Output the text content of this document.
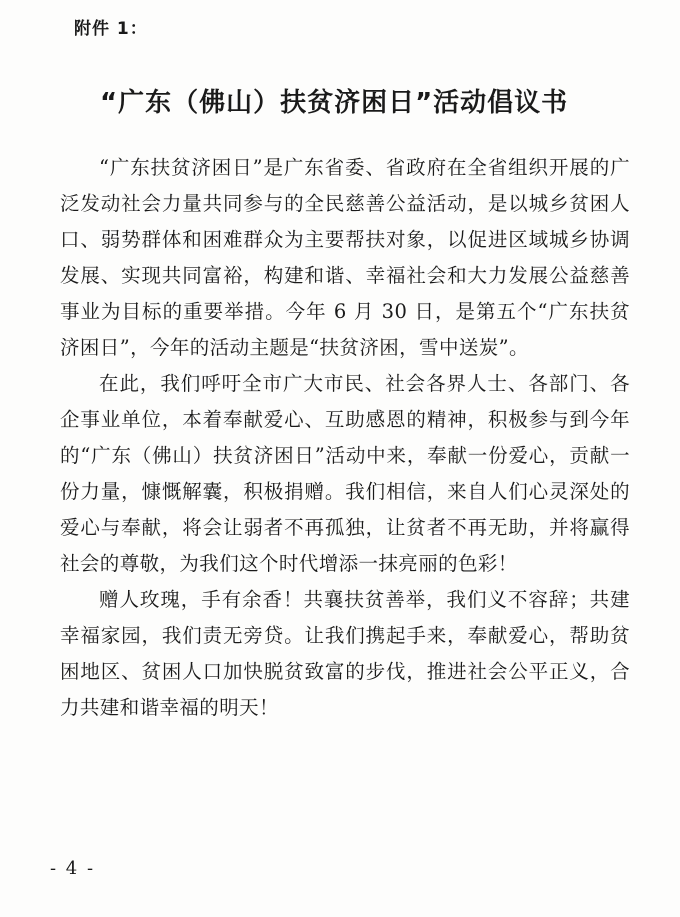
附件 1：
“广东（佛山）扶贫济困日”活动倡议书

“广东扶贫济困日”是广东省委、省政府在全省组织开展的广泛发动社会力量共同参与的全民慈善公益活动，是以城乡贫困人口、弱势群体和困难群众为主要帮扶对象，以促进区域城乡协调发展、实现共同富裕，构建和谐、幸福社会和大力发展公益慈善事业为目标的重要举措。今年 6 月 30 日，是第五个“广东扶贫济困日”，今年的活动主题是“扶贫济困，雪中送炭”。

在此，我们呼吁全市广大市民、社会各界人士、各部门、各企事业单位，本着奉献爱心、互助感恩的精神，积极参与到今年的“广东（佛山）扶贫济困日”活动中来，奉献一份爱心，贡献一份力量，慷慨解囊，积极捐赠。我们相信，来自人们心灵深处的爱心与奉献，将会让弱者不再孤独，让贫者不再无助，并将赢得社会的尊敬，为我们这个时代增添一抹亮丽的色彩！

赠人玫瑰，手有余香！共襄扶贫善举，我们义不容辞；共建幸福家园，我们责无旁贷。让我们携起手来，奉献爱心，帮助贫困地区、贫困人口加快脱贫致富的步伐，推进社会公平正义，合力共建和谐幸福的明天！

- 4 -
